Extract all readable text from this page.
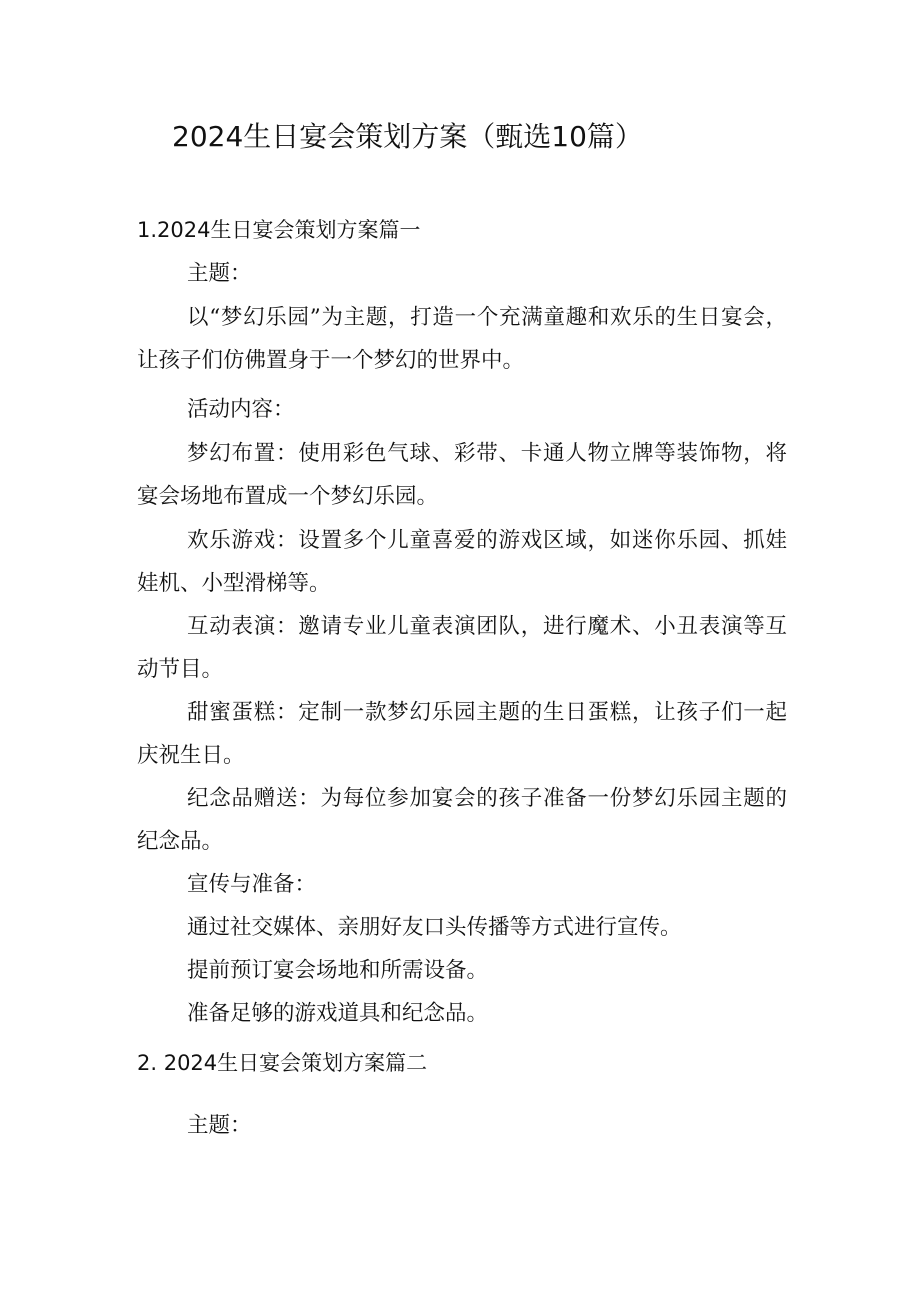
2024生日宴会策划方案（甄选10篇）
1.2024生日宴会策划方案篇一

主题：

以“梦幻乐园”为主题，打造一个充满童趣和欢乐的生日宴会，让孩子们仿佛置身于一个梦幻的世界中。

活动内容：

梦幻布置：使用彩色气球、彩带、卡通人物立牌等装饰物，将宴会场地布置成一个梦幻乐园。

欢乐游戏：设置多个儿童喜爱的游戏区域，如迷你乐园、抓娃娃机、小型滑梯等。

互动表演：邀请专业儿童表演团队，进行魔术、小丑表演等互动节目。

甜蜜蛋糕：定制一款梦幻乐园主题的生日蛋糕，让孩子们一起庆祝生日。

纪念品赠送：为每位参加宴会的孩子准备一份梦幻乐园主题的纪念品。

宣传与准备：

通过社交媒体、亲朋好友口头传播等方式进行宣传。

提前预订宴会场地和所需设备。

准备足够的游戏道具和纪念品。

2. 2024生日宴会策划方案篇二

主题：
